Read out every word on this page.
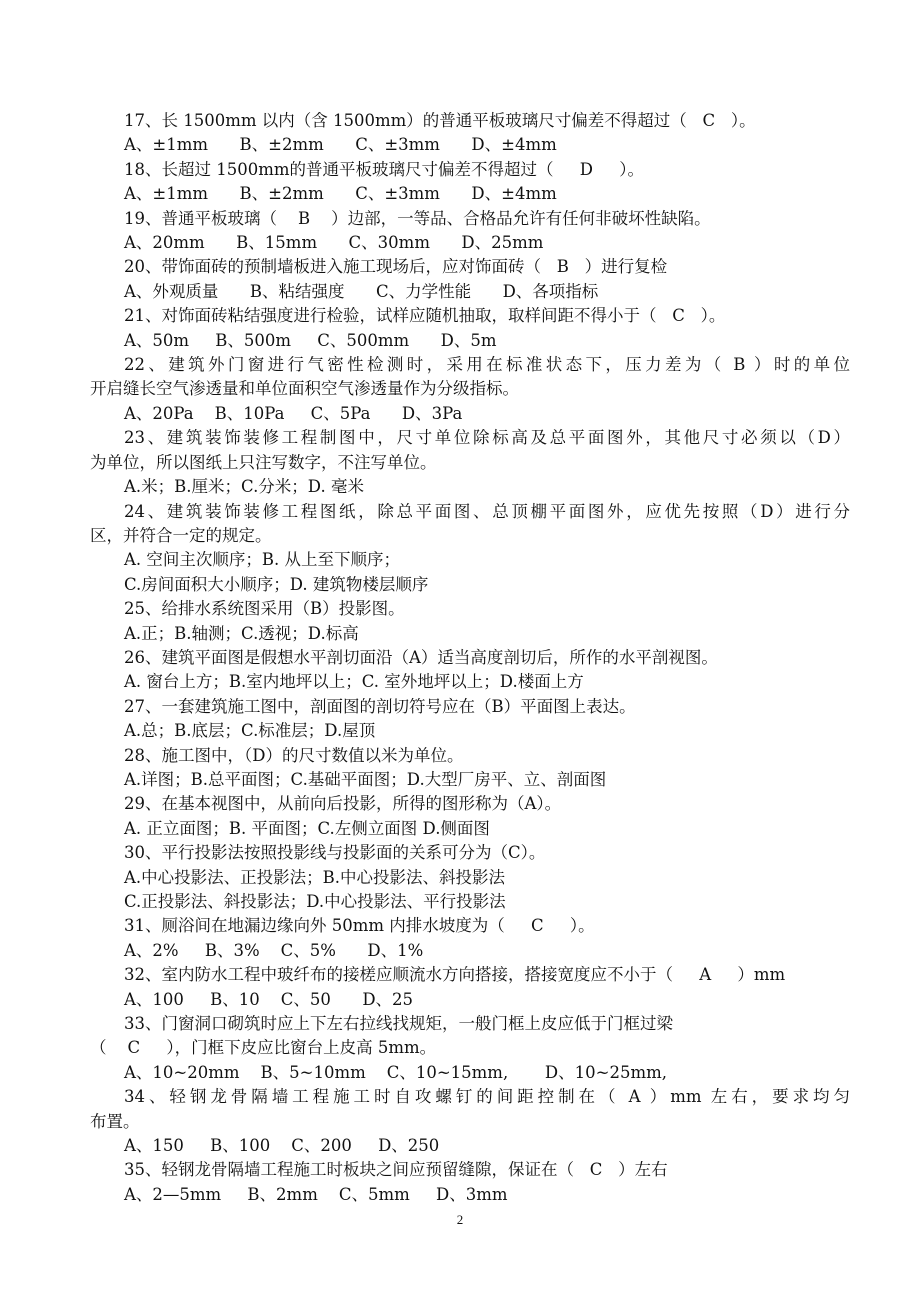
17、长 1500mm 以内（含 1500mm）的普通平板玻璃尺寸偏差不得超过（   C   ）。
A、±1mm      B、±2mm      C、±3mm      D、±4mm
18、长超过 1500mm的普通平板玻璃尺寸偏差不得超过（     D     ）。
A、±1mm      B、±2mm      C、±3mm      D、±4mm
19、普通平板玻璃（    B    ）边部，一等品、合格品允许有任何非破坏性缺陷。
A、20mm      B、15mm      C、30mm      D、25mm
20、带饰面砖的预制墙板进入施工现场后，应对饰面砖（   B   ）进行复检
A、外观质量      B、粘结强度      C、力学性能      D、各项指标
21、对饰面砖粘结强度进行检验，试样应随机抽取，取样间距不得小于（   C   ）。
A、50m     B、500m     C、500mm      D、5m
22、建筑外门窗进行气密性检测时，采用在标准状态下，压力差为（ B ）时的单位
开启缝长空气渗透量和单位面积空气渗透量作为分级指标。
A、20Pa    B、10Pa     C、5Pa      D、3Pa
23、建筑装饰装修工程制图中，尺寸单位除标高及总平面图外，其他尺寸必须以（D）
为单位，所以图纸上只注写数字，不注写单位。
A.米；B.厘米；C.分米；D. 毫米
24、建筑装饰装修工程图纸，除总平面图、总顶棚平面图外，应优先按照（D）进行分
区，并符合一定的规定。
A. 空间主次顺序；B. 从上至下顺序；
C.房间面积大小顺序；D. 建筑物楼层顺序
25、给排水系统图采用（B）投影图。
A.正；B.轴测；C.透视；D.标高
26、建筑平面图是假想水平剖切面沿（A）适当高度剖切后，所作的水平剖视图。
A. 窗台上方；B.室内地坪以上；C. 室外地坪以上；D.楼面上方
27、一套建筑施工图中，剖面图的剖切符号应在（B）平面图上表达。
A.总；B.底层；C.标准层；D.屋顶
28、施工图中，（D）的尺寸数值以米为单位。
A.详图；B.总平面图；C.基础平面图；D.大型厂房平、立、剖面图
29、在基本视图中，从前向后投影，所得的图形称为（A）。
A. 正立面图；B. 平面图；C.左侧立面图 D.侧面图
30、平行投影法按照投影线与投影面的关系可分为（C）。
A.中心投影法、正投影法；B.中心投影法、斜投影法
C.正投影法、斜投影法；D.中心投影法、平行投影法
31、厕浴间在地漏边缘向外 50mm 内排水坡度为（     C     ）。
A、2%     B、3%    C、5%      D、1%
32、室内防水工程中玻纤布的接槎应顺流水方向搭接，搭接宽度应不小于（     A     ）mm
A、100     B、10    C、50      D、25
33、门窗洞口砌筑时应上下左右拉线找规矩，一般门框上皮应低于门框过梁
（    C     ），门框下皮应比窗台上皮高 5mm。
A、10~20mm    B、5~10mm    C、10~15mm,       D、10~25mm,
34、轻钢龙骨隔墙工程施工时自攻螺钉的间距控制在（ A ）mm 左右，要求均匀
布置。
A、150     B、100    C、200     D、250
35、轻钢龙骨隔墙工程施工时板块之间应预留缝隙，保证在（   C   ）左右
A、2—5mm     B、2mm    C、5mm     D、3mm
2
